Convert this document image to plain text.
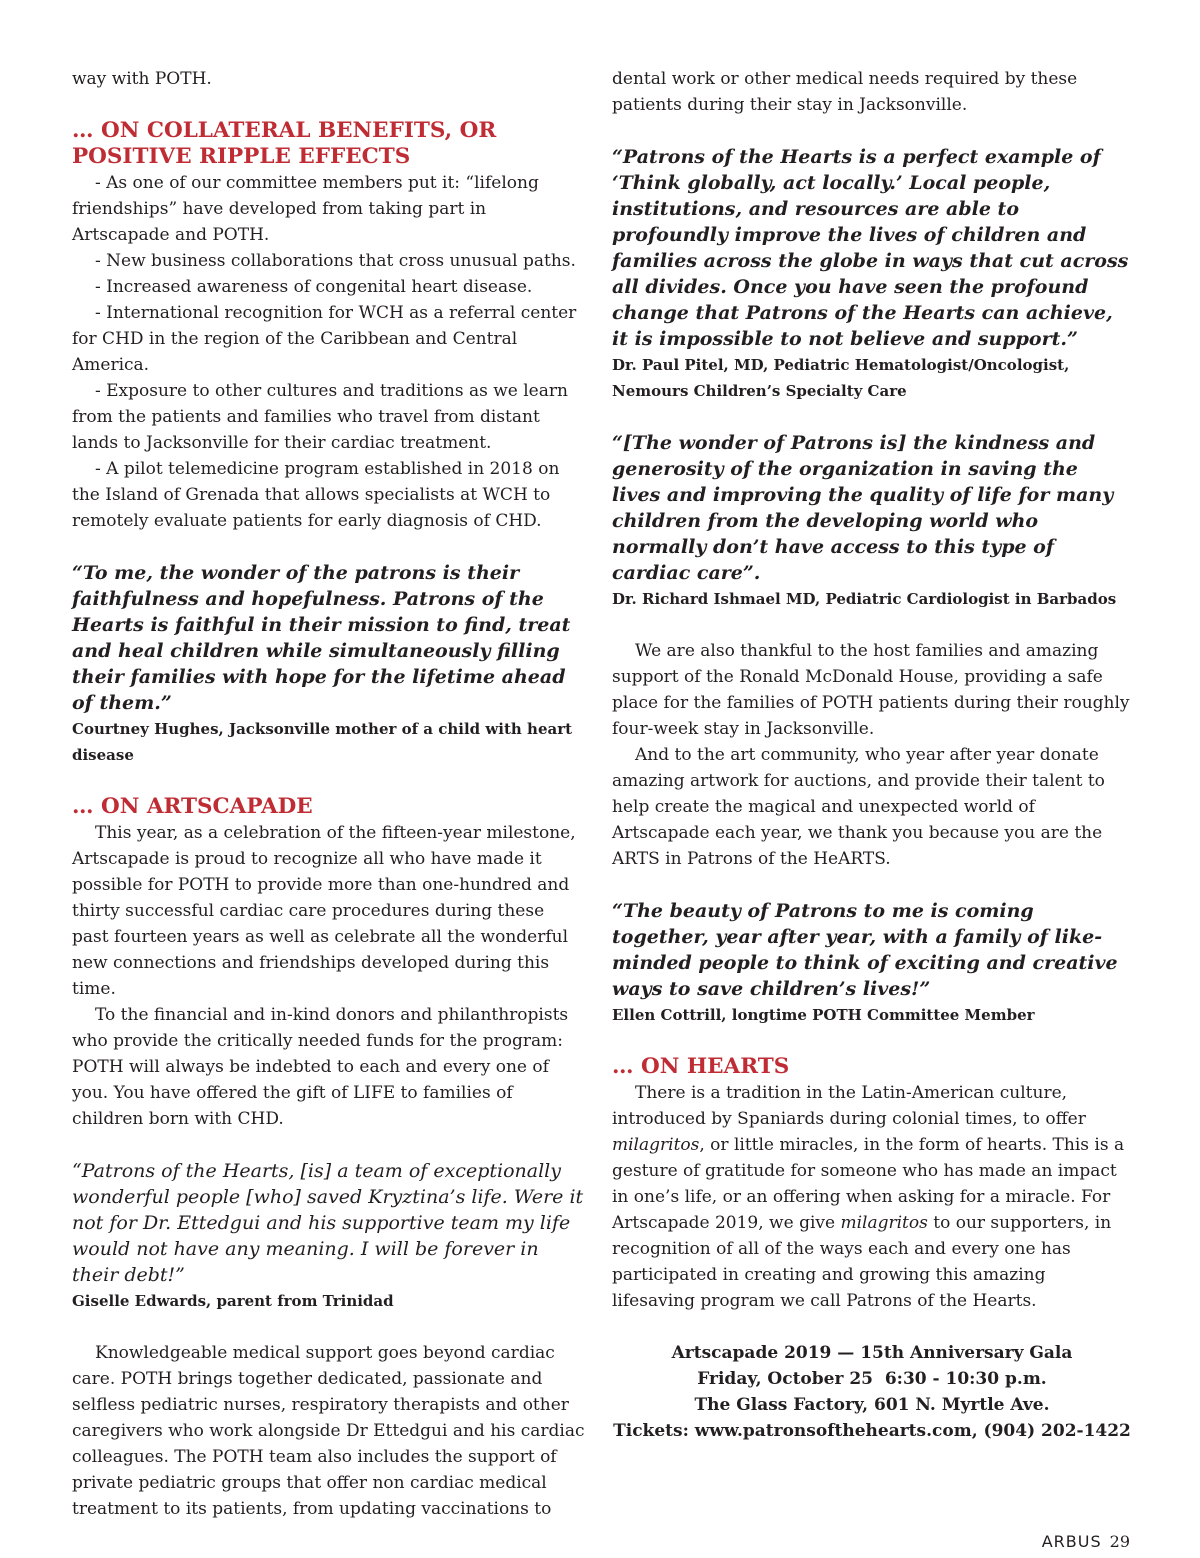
way with POTH.

… ON COLLATERAL BENEFITS, OR POSITIVE RIPPLE EFFECTS

- As one of our committee members put it: “lifelong friendships” have developed from taking part in Artscapade and POTH.

- New business collaborations that cross unusual paths.

- Increased awareness of congenital heart disease.

- International recognition for WCH as a referral center for CHD in the region of the Caribbean and Central America.

- Exposure to other cultures and traditions as we learn from the patients and families who travel from distant lands to Jacksonville for their cardiac treatment.

- A pilot telemedicine program established in 2018 on the Island of Grenada that allows specialists at WCH to remotely evaluate patients for early diagnosis of CHD.

“To me, the wonder of the patrons is their faithfulness and hopefulness. Patrons of the Hearts is faithful in their mission to find, treat and heal children while simultaneously filling their families with hope for the lifetime ahead of them.”

Courtney Hughes, Jacksonville mother of a child with heart disease

… ON ARTSCAPADE

This year, as a celebration of the fifteen-year milestone, Artscapade is proud to recognize all who have made it possible for POTH to provide more than one-hundred and thirty successful cardiac care procedures during these past fourteen years as well as celebrate all the wonderful new connections and friendships developed during this time.

To the financial and in-kind donors and philanthropists who provide the critically needed funds for the program: POTH will always be indebted to each and every one of you. You have offered the gift of LIFE to families of children born with CHD.

“Patrons of the Hearts, [is] a team of exceptionally wonderful people [who] saved Kryztina’s life. Were it not for Dr. Ettedgui and his supportive team my life would not have any meaning. I will be forever in their debt!”

Giselle Edwards, parent from Trinidad

Knowledgeable medical support goes beyond cardiac care. POTH brings together dedicated, passionate and selfless pediatric nurses, respiratory therapists and other caregivers who work alongside Dr Ettedgui and his cardiac colleagues. The POTH team also includes the support of private pediatric groups that offer non cardiac medical treatment to its patients, from updating vaccinations to

dental work or other medical needs required by these patients during their stay in Jacksonville.

“Patrons of the Hearts is a perfect example of ‘Think globally, act locally.’ Local people, institutions, and resources are able to profoundly improve the lives of children and families across the globe in ways that cut across all divides. Once you have seen the profound change that Patrons of the Hearts can achieve, it is impossible to not believe and support.”

Dr. Paul Pitel, MD, Pediatric Hematologist/Oncologist,

Nemours Children’s Specialty Care

“[The wonder of Patrons is] the kindness and generosity of the organization in saving the lives and improving the quality of life for many children from the developing world who normally don’t have access to this type of cardiac care”.

Dr. Richard Ishmael MD, Pediatric Cardiologist in Barbados

We are also thankful to the host families and amazing support of the Ronald McDonald House, providing a safe place for the families of POTH patients during their roughly four-week stay in Jacksonville.

And to the art community, who year after year donate amazing artwork for auctions, and provide their talent to help create the magical and unexpected world of Artscapade each year, we thank you because you are the ARTS in Patrons of the HeARTS.

“The beauty of Patrons to me is coming together, year after year, with a family of like-minded people to think of exciting and creative ways to save children’s lives!”

Ellen Cottrill, longtime POTH Committee Member

… ON HEARTS

There is a tradition in the Latin-American culture, introduced by Spaniards during colonial times, to offer milagritos, or little miracles, in the form of hearts. This is a gesture of gratitude for someone who has made an impact in one’s life, or an offering when asking for a miracle. For Artscapade 2019, we give milagritos to our supporters, in recognition of all of the ways each and every one has participated in creating and growing this amazing lifesaving program we call Patrons of the Hearts.

Artscapade 2019 — 15th Anniversary Gala

Friday, October 25  6:30 - 10:30 p.m.

The Glass Factory, 601 N. Myrtle Ave.

Tickets: www.patronsofthehearts.com, (904) 202-1422

ARBUS 29
